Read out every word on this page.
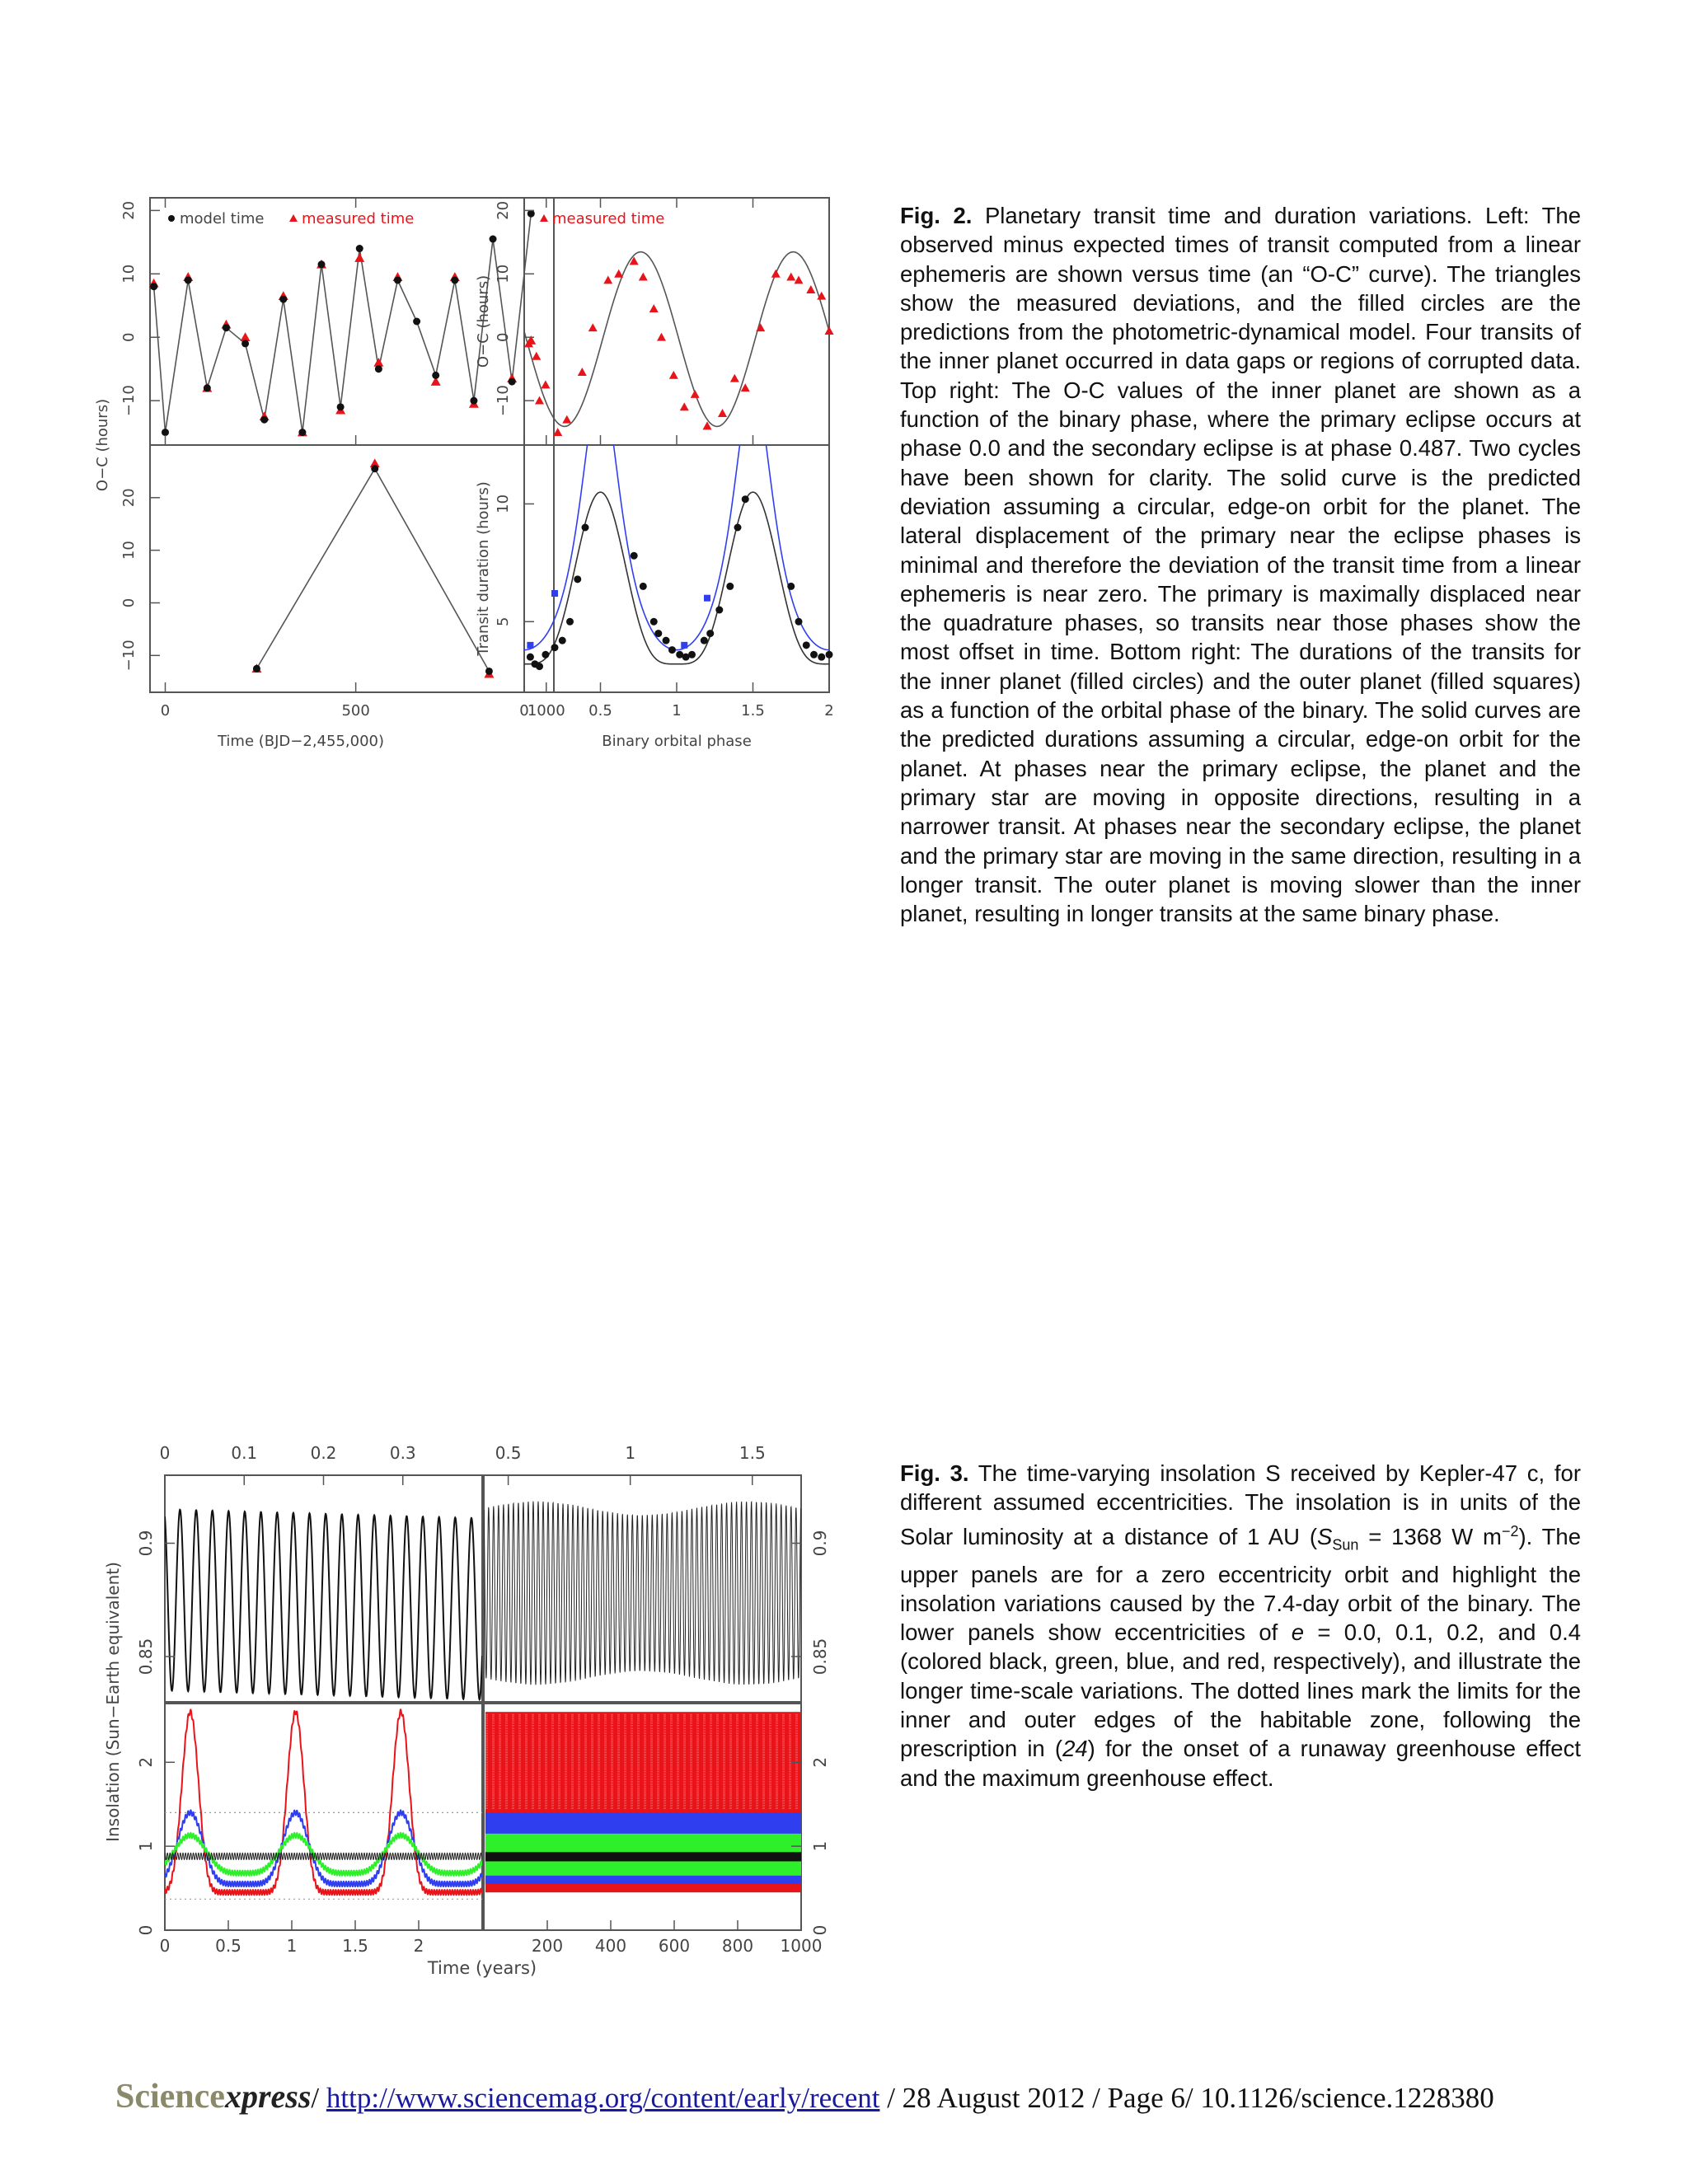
−10
−10
0
0
10
10
20
20
0	500	1000
O−C (hours)
Time (BJD−2,455,000)
model time	measured time	measured time
−10
0
10
20
5
10
0	0.5	1	1.5	2
O−C (hours)
Transit duration (hours)
Binary orbital phase
Fig. 2. Planetary transit time and duration variations. Left: The observed minus expected times of transit computed from a linear ephemeris are shown versus time (an “O-C” curve). The triangles show the measured deviations, and the filled circles are the predictions from the photometric-dynamical model. Four transits of the inner planet occurred in data gaps or regions of corrupted data. Top right: The O-C values of the inner planet are shown as a function of the binary phase, where the primary eclipse occurs at phase 0.0 and the secondary eclipse is at phase 0.487. Two cycles have been shown for clarity. The solid curve is the predicted deviation assuming a circular, edge-on orbit for the planet. The lateral displacement of the primary near the eclipse phases is minimal and therefore the deviation of the transit time from a linear ephemeris is near zero. The primary is maximally displaced near the quadrature phases, so transits near those phases show the most offset in time. Bottom right: The durations of the transits for the inner planet (filled circles) and the outer planet (filled squares) as a function of the orbital phase of the binary. The solid curves are the predicted durations assuming a circular, edge-on orbit for the planet. At phases near the primary eclipse, the planet and the primary star are moving in opposite directions, resulting in a narrower transit. At phases near the secondary eclipse, the planet and the primary star are moving in the same direction, resulting in a longer transit. The outer planet is moving slower than the inner planet, resulting in longer transits at the same binary phase.
0	0.1	0.2	0.3	0.5	1	1.5
0.85	0.85
0.9	0.9
0	0
1	1
2	2
0	0.5	1	1.5	2	200 400 600 800 1000
Insolation (Sun−Earth equivalent)
Time (years)
Fig. 3. The time-varying insolation S received by Kepler-47 c, for different assumed eccentricities. The insolation is in units of the Solar luminosity at a distance of 1 AU ($S_{Sun} = 1368$ W $m^{-2}$). The upper panels are for a zero eccentricity orbit and highlight the insolation variations caused by the 7.4-day orbit of the binary. The lower panels show eccentricities of e = 0.0, 0.1, 0.2, and 0.4 (colored black, green, blue, and red, respectively), and illustrate the longer time-scale variations. The dotted lines mark the limits for the inner and outer edges of the habitable zone, following the prescription in (24) for the onset of a runaway greenhouse effect and the maximum greenhouse effect.
Sciencexpress/ http://www.sciencemag.org/content/early/recent / 28 August 2012 / Page 6/ 10.1126/science.1228380
